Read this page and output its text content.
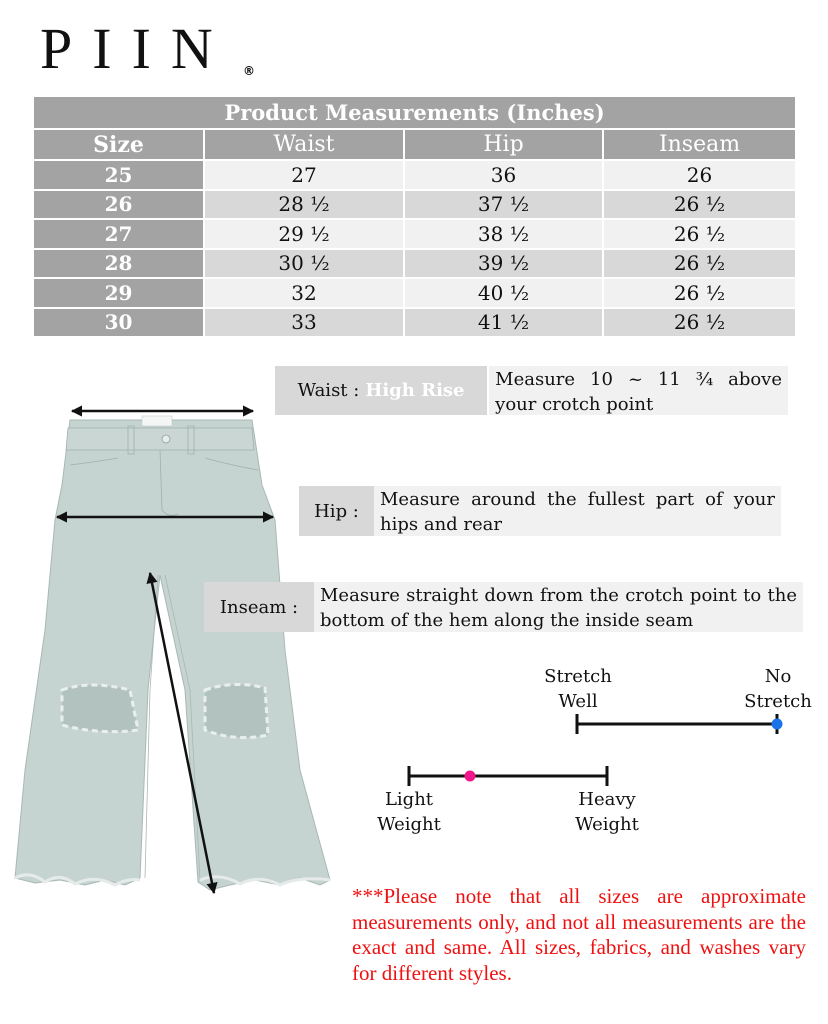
PIIN ®
Product Measurements (Inches)			
Size	Waist	Hip	Inseam
25	27	36	26
26	28 ½	37 ½	26 ½
27	29 ½	38 ½	26 ½
28	30 ½	39 ½	26 ½
29	32	40 ½	26 ½
30	33	41 ½	26 ½
Waist : High Rise
Measure 10 ~ 11 ¾ above your crotch point
Hip :
Measure around the fullest part of your hips and rear
Inseam :
Measure straight down from the crotch point to the bottom of the hem along the inside seam
Stretch
Well
No
Stretch
Light
Weight
Heavy
Weight
***Please note that all sizes are approximate measurements only, and not all measurements are the exact and same. All sizes, fabrics, and washes vary for different styles.
